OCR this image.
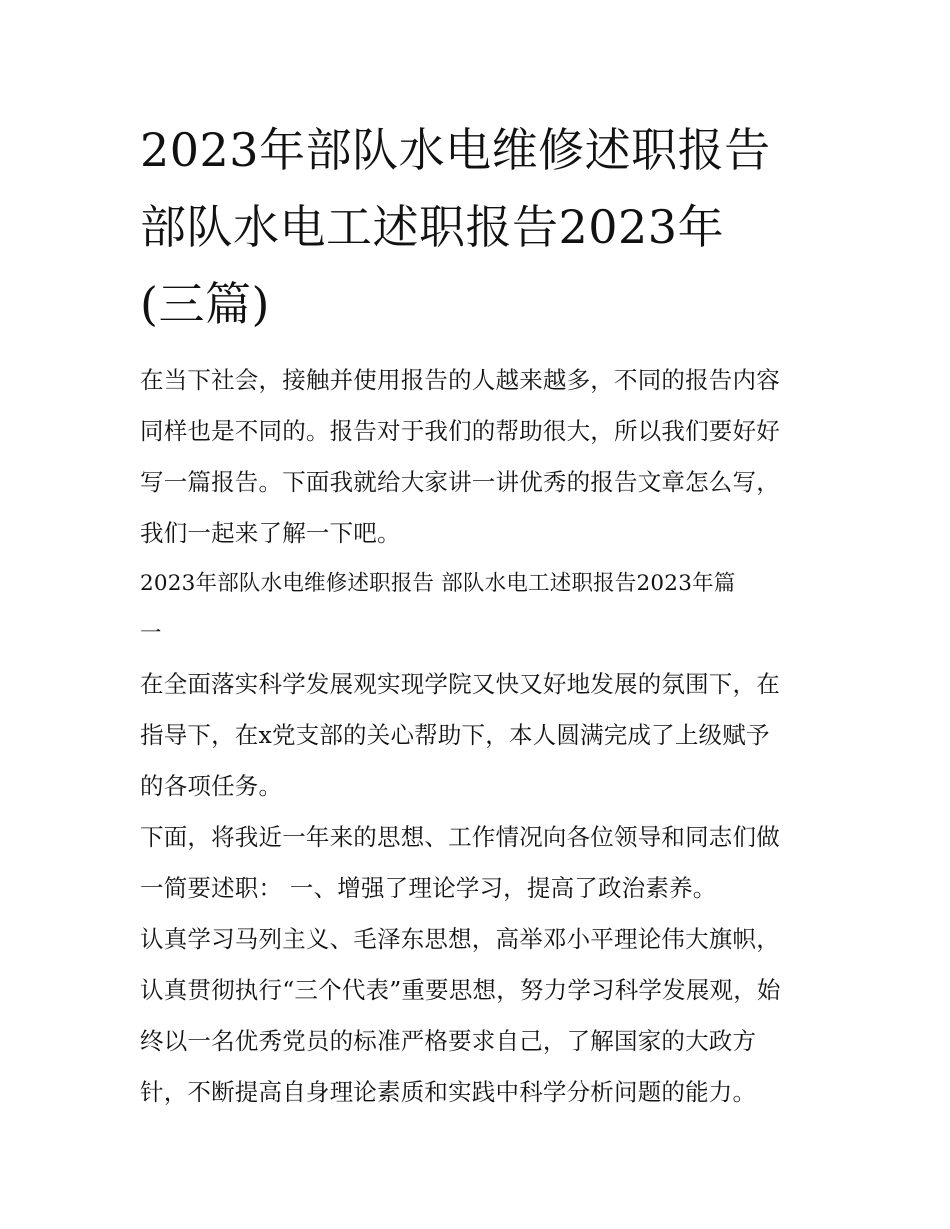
2023年部队水电维修述职报告
部队水电工述职报告2023年
(三篇)

在当下社会，接触并使用报告的人越来越多，不同的报告内容
同样也是不同的。报告对于我们的帮助很大，所以我们要好好
写一篇报告。下面我就给大家讲一讲优秀的报告文章怎么写，
我们一起来了解一下吧。

2023年部队水电维修述职报告 部队水电工述职报告2023年篇
一

在全面落实科学发展观实现学院又快又好地发展的氛围下，在
指导下，在x党支部的关心帮助下，本人圆满完成了上级赋予
的各项任务。

下面，将我近一年来的思想、工作情况向各位领导和同志们做
一简要述职： 一、增强了理论学习，提高了政治素养。

认真学习马列主义、毛泽东思想，高举邓小平理论伟大旗帜，
认真贯彻执行“三个代表”重要思想，努力学习科学发展观，始
终以一名优秀党员的标准严格要求自己，了解国家的大政方
针，不断提高自身理论素质和实践中科学分析问题的能力。
